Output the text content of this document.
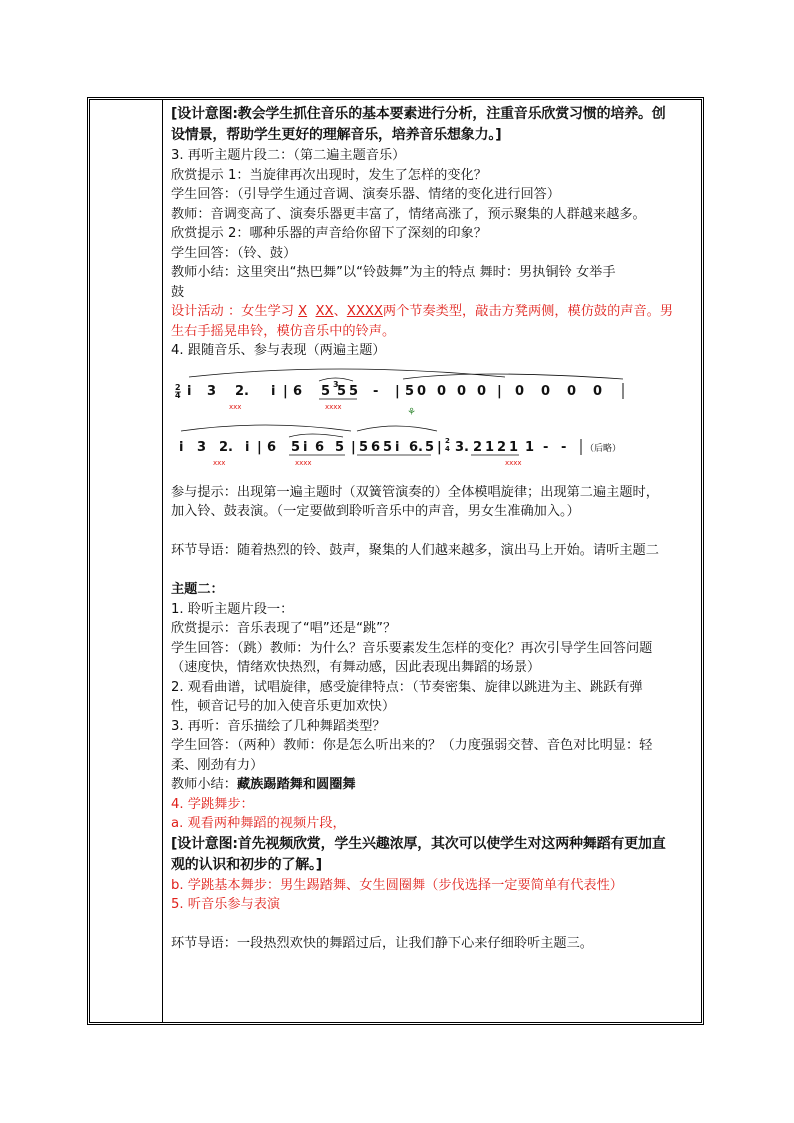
[设计意图:教会学生抓住音乐的基本要素进行分析，注重音乐欣赏习惯的培养。创

设情景，帮助学生更好的理解音乐，培养音乐想象力。]

3. 再听主题片段二：（第二遍主题音乐）

欣赏提示 1：当旋律再次出现时，发生了怎样的变化？

学生回答：（引导学生通过音调、演奏乐器、情绪的变化进行回答）

教师：音调变高了、演奏乐器更丰富了，情绪高涨了，预示聚集的人群越来越多。

欣赏提示 2：哪种乐器的声音给你留下了深刻的印象？

学生回答：（铃、鼓）

教师小结：这里突出“热巴舞”以“铃鼓舞”为主的特点 舞时：男执铜铃 女举手

鼓

设计活动 ：女生学习 X XX、XXXX两个节奏类型，敲击方凳两侧，模仿鼓的声音。男

生右手摇晃串铃，模仿音乐中的铃声。

4. 跟随音乐、参与表现（两遍主题）

2
4 i 3 2. i | 6 5 3
5 5 - | 5 0 0 0 0 | 0 0 0 0
xxx	xxxx	⚘
i 3 2. i | 6 5 i 6 5 | 5 6 5 i 6. 5 | 2
4 3. 2 1 2 1 1 - - （后略）
xxx	xxxx	xxxx

参与提示：出现第一遍主题时（双簧管演奏的）全体模唱旋律；出现第二遍主题时，

加入铃、鼓表演。（一定要做到聆听音乐中的声音，男女生准确加入。）

环节导语：随着热烈的铃、鼓声，聚集的人们越来越多，演出马上开始。请听主题二

主题二：

1. 聆听主题片段一：

欣赏提示：音乐表现了“唱”还是“跳”？

学生回答：（跳）教师：为什么？音乐要素发生怎样的变化？再次引导学生回答问题

（速度快，情绪欢快热烈，有舞动感，因此表现出舞蹈的场景）

2. 观看曲谱，试唱旋律，感受旋律特点：（节奏密集、旋律以跳进为主、跳跃有弹

性，顿音记号的加入使音乐更加欢快）

3. 再听：音乐描绘了几种舞蹈类型？

学生回答：（两种）教师：你是怎么听出来的？（力度强弱交替、音色对比明显：轻

柔、刚劲有力）

教师小结：藏族踢踏舞和圆圈舞

4. 学跳舞步：

a. 观看两种舞蹈的视频片段，

[设计意图:首先视频欣赏，学生兴趣浓厚，其次可以使学生对这两种舞蹈有更加直

观的认识和初步的了解。]

b. 学跳基本舞步：男生踢踏舞、女生圆圈舞（步伐选择一定要简单有代表性）

5. 听音乐参与表演

环节导语：一段热烈欢快的舞蹈过后，让我们静下心来仔细聆听主题三。
